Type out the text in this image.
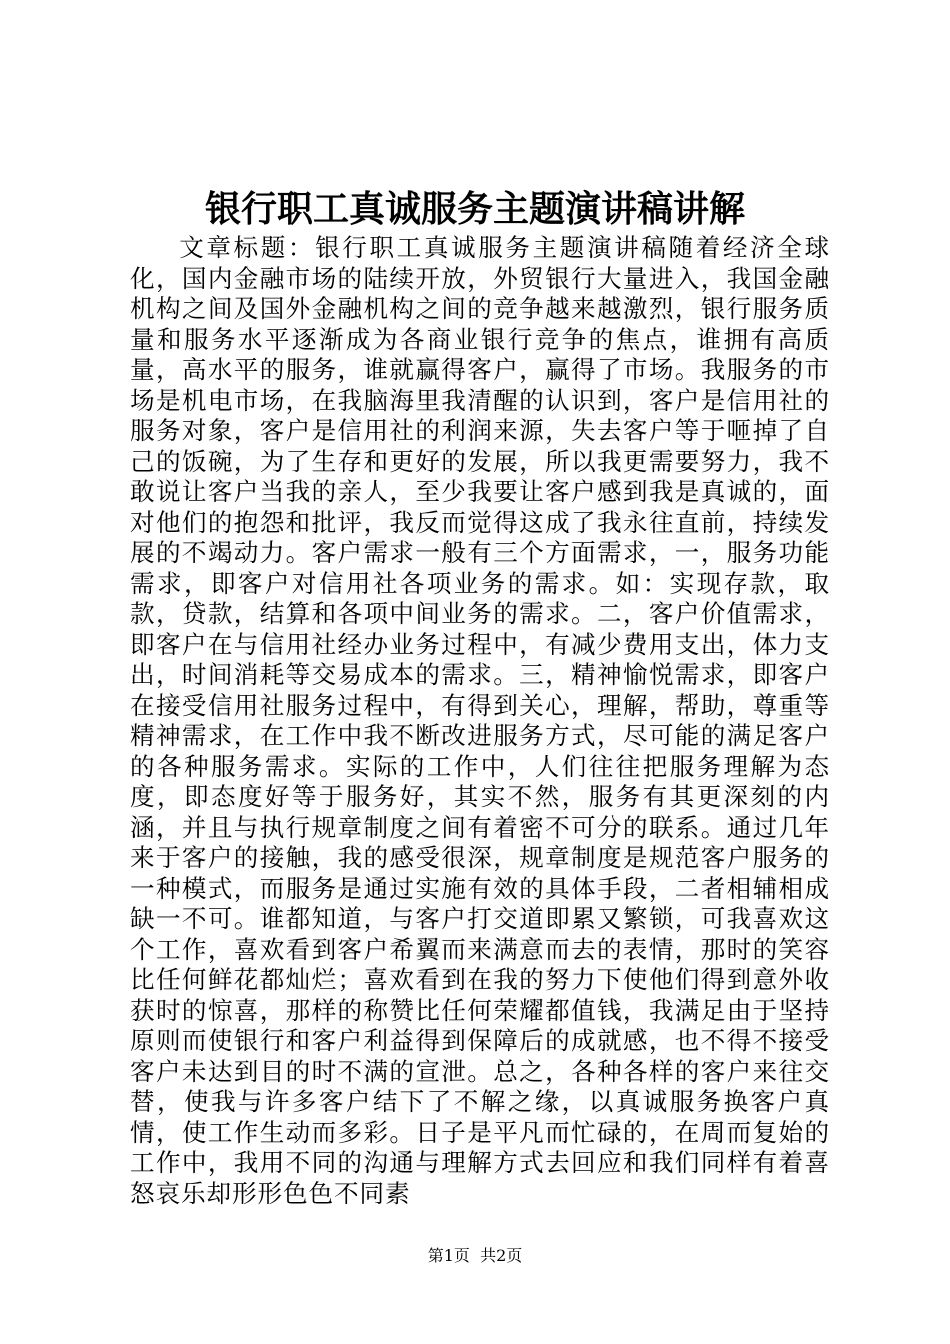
银行职工真诚服务主题演讲稿讲解

文章标题：银行职工真诚服务主题演讲稿随着经济全球化，国内金融市场的陆续开放，外贸银行大量进入，我国金融机构之间及国外金融机构之间的竞争越来越激烈，银行服务质量和服务水平逐渐成为各商业银行竞争的焦点，谁拥有高质量，高水平的服务，谁就赢得客户，赢得了市场。我服务的市场是机电市场，在我脑海里我清醒的认识到，客户是信用社的服务对象，客户是信用社的利润来源，失去客户等于咂掉了自己的饭碗，为了生存和更好的发展，所以我更需要努力，我不敢说让客户当我的亲人，至少我要让客户感到我是真诚的，面对他们的抱怨和批评，我反而觉得这成了我永往直前，持续发展的不竭动力。客户需求一般有三个方面需求，一，服务功能需求，即客户对信用社各项业务的需求。如：实现存款，取款，贷款，结算和各项中间业务的需求。二，客户价值需求，即客户在与信用社经办业务过程中，有减少费用支出，体力支出，时间消耗等交易成本的需求。三，精神愉悦需求，即客户在接受信用社服务过程中，有得到关心，理解，帮助，尊重等精神需求，在工作中我不断改进服务方式，尽可能的满足客户的各种服务需求。实际的工作中，人们往往把服务理解为态度，即态度好等于服务好，其实不然，服务有其更深刻的内涵，并且与执行规章制度之间有着密不可分的联系。通过几年来于客户的接触，我的感受很深，规章制度是规范客户服务的一种模式，而服务是通过实施有效的具体手段，二者相辅相成缺一不可。谁都知道，与客户打交道即累又繁锁，可我喜欢这个工作，喜欢看到客户希翼而来满意而去的表情，那时的笑容比任何鲜花都灿烂；喜欢看到在我的努力下使他们得到意外收获时的惊喜，那样的称赞比任何荣耀都值钱，我满足由于坚持原则而使银行和客户利益得到保障后的成就感，也不得不接受客户未达到目的时不满的宣泄。总之，各种各样的客户来往交替，使我与许多客户结下了不解之缘，以真诚服务换客户真情，使工作生动而多彩。日子是平凡而忙碌的，在周而复始的工作中，我用不同的沟通与理解方式去回应和我们同样有着喜怒哀乐却形形色色不同素

第1页 共2页
